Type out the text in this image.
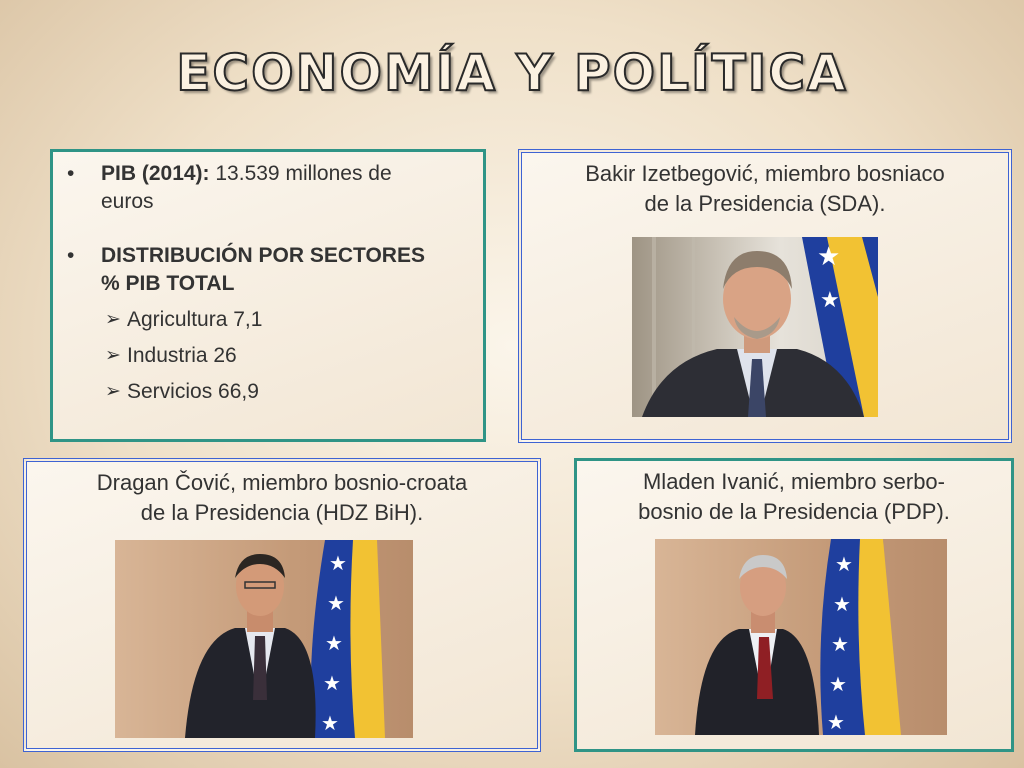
ECONOMÍA Y POLÍTICA
• PIB (2014): 13.539 millones de
euros
• DISTRIBUCIÓN POR SECTORES
% PIB TOTAL
➢ Agricultura 7,1
➢ Industria 26
➢ Servicios 66,9
Bakir Izetbegović, miembro bosniaco
de la Presidencia (SDA).
★
★
Dragan Čović, miembro bosnio-croata
de la Presidencia (HDZ BiH).
★
★
★
★
★
Mladen Ivanić, miembro serbo-
bosnio de la Presidencia (PDP).
★
★
★
★
★
